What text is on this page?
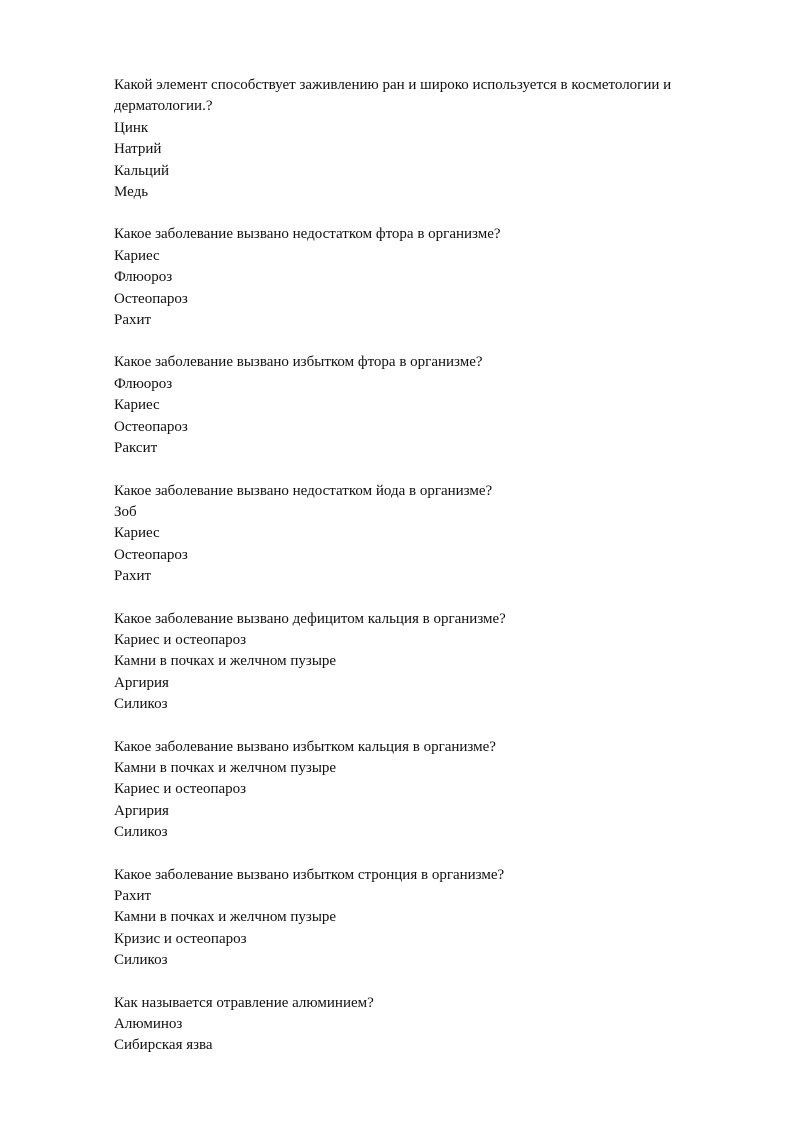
Какой элемент способствует заживлению ран и широко используется в косметологии и дерматологии.?
Цинк
Натрий
Кальций
Медь
Какое заболевание вызвано недостатком фтора в организме?
Кариес
Флюороз
Остеопароз
Рахит
Какое заболевание вызвано избытком фтора в организме?
Флюороз
Кариес
Остеопароз
Раксит
Какое заболевание вызвано недостатком йода в организме?
Зоб
Кариес
Остеопароз
Рахит
Какое заболевание вызвано дефицитом кальция в организме?
Кариес и остеопароз
Камни в почках и желчном пузыре
Аргирия
Силикоз
Какое заболевание вызвано избытком кальция в организме?
Камни в почках и желчном пузыре
Кариес и остеопароз
Аргирия
Силикоз
Какое заболевание вызвано избытком стронция в организме?
Рахит
Камни в почках и желчном пузыре
Кризис и остеопароз
Силикоз
Как называется отравление алюминием?
Алюминоз
Сибирская язва
